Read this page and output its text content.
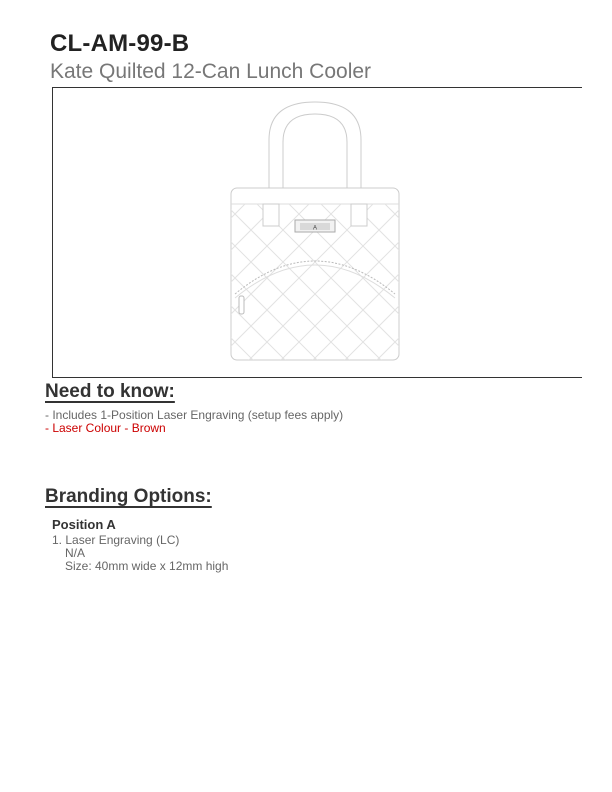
CL-AM-99-B
Kate Quilted 12-Can Lunch Cooler
A
Need to know:
- Includes 1-Position Laser Engraving (setup fees apply)
- Laser Colour - Brown
Branding Options:
Position A
1. Laser Engraving (LC)
N/A
Size: 40mm wide x 12mm high
